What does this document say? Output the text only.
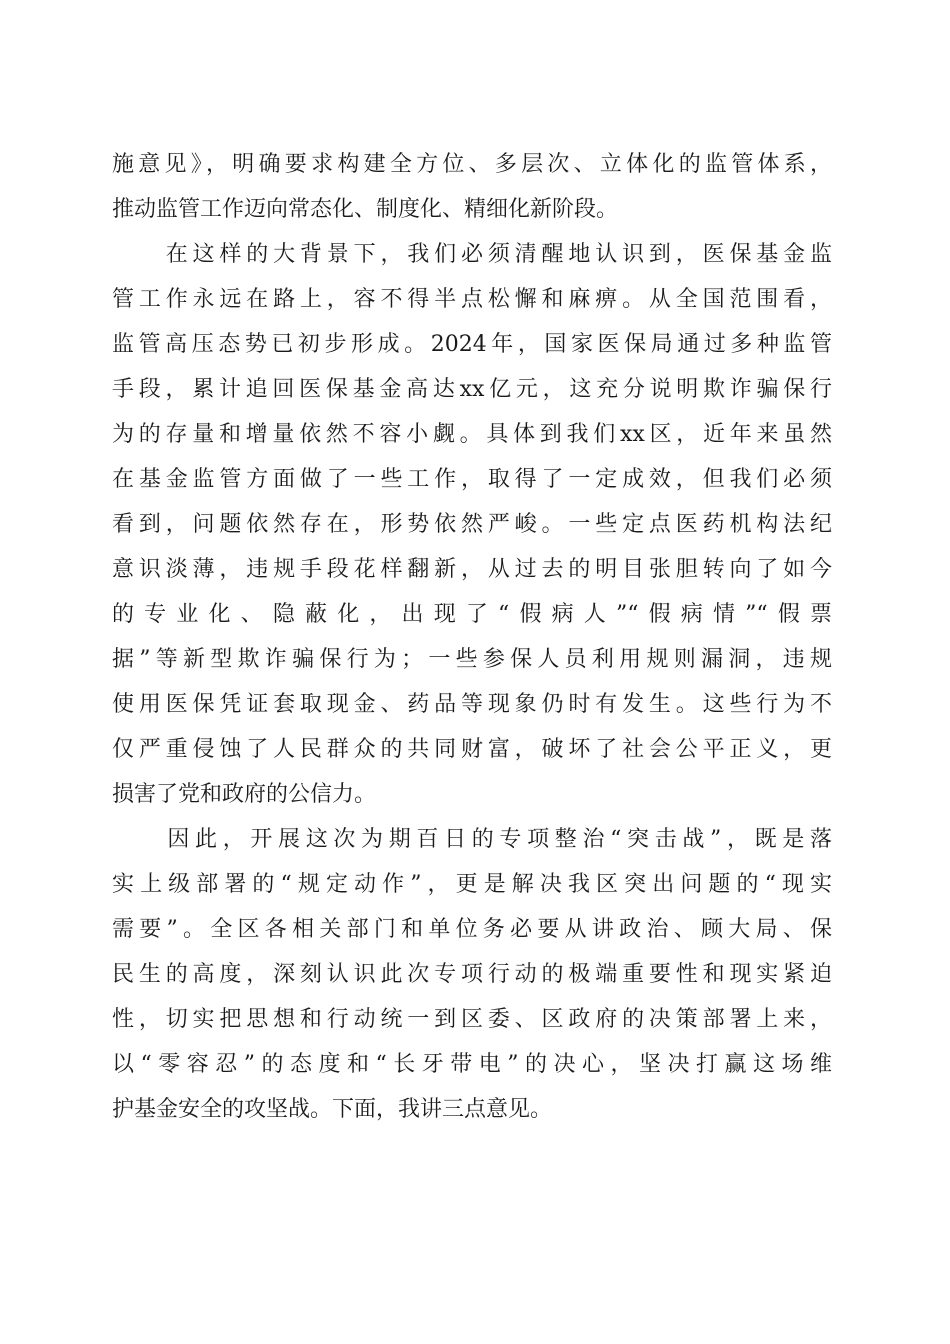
施意见》，明确要求构建全方位、多层次、立体化的监管体系，
推动监管工作迈向常态化、制度化、精细化新阶段。
　　在这样的大背景下，我们必须清醒地认识到，医保基金监
管工作永远在路上，容不得半点松懈和麻痹。从全国范围看，
监管高压态势已初步形成。2024年，国家医保局通过多种监管
手段，累计追回医保基金高达xx亿元，这充分说明欺诈骗保行
为的存量和增量依然不容小觑。具体到我们xx区，近年来虽然
在基金监管方面做了一些工作，取得了一定成效，但我们必须
看到，问题依然存在，形势依然严峻。一些定点医药机构法纪
意识淡薄，违规手段花样翻新，从过去的明目张胆转向了如今
的专业化、隐蔽化，出现了“假病人”“假病情”“假票
据”等新型欺诈骗保行为；一些参保人员利用规则漏洞，违规
使用医保凭证套取现金、药品等现象仍时有发生。这些行为不
仅严重侵蚀了人民群众的共同财富，破坏了社会公平正义，更
损害了党和政府的公信力。
　　因此，开展这次为期百日的专项整治“突击战”，既是落
实上级部署的“规定动作”，更是解决我区突出问题的“现实
需要”。全区各相关部门和单位务必要从讲政治、顾大局、保
民生的高度，深刻认识此次专项行动的极端重要性和现实紧迫
性，切实把思想和行动统一到区委、区政府的决策部署上来，
以“零容忍”的态度和“长牙带电”的决心，坚决打赢这场维
护基金安全的攻坚战。下面，我讲三点意见。
